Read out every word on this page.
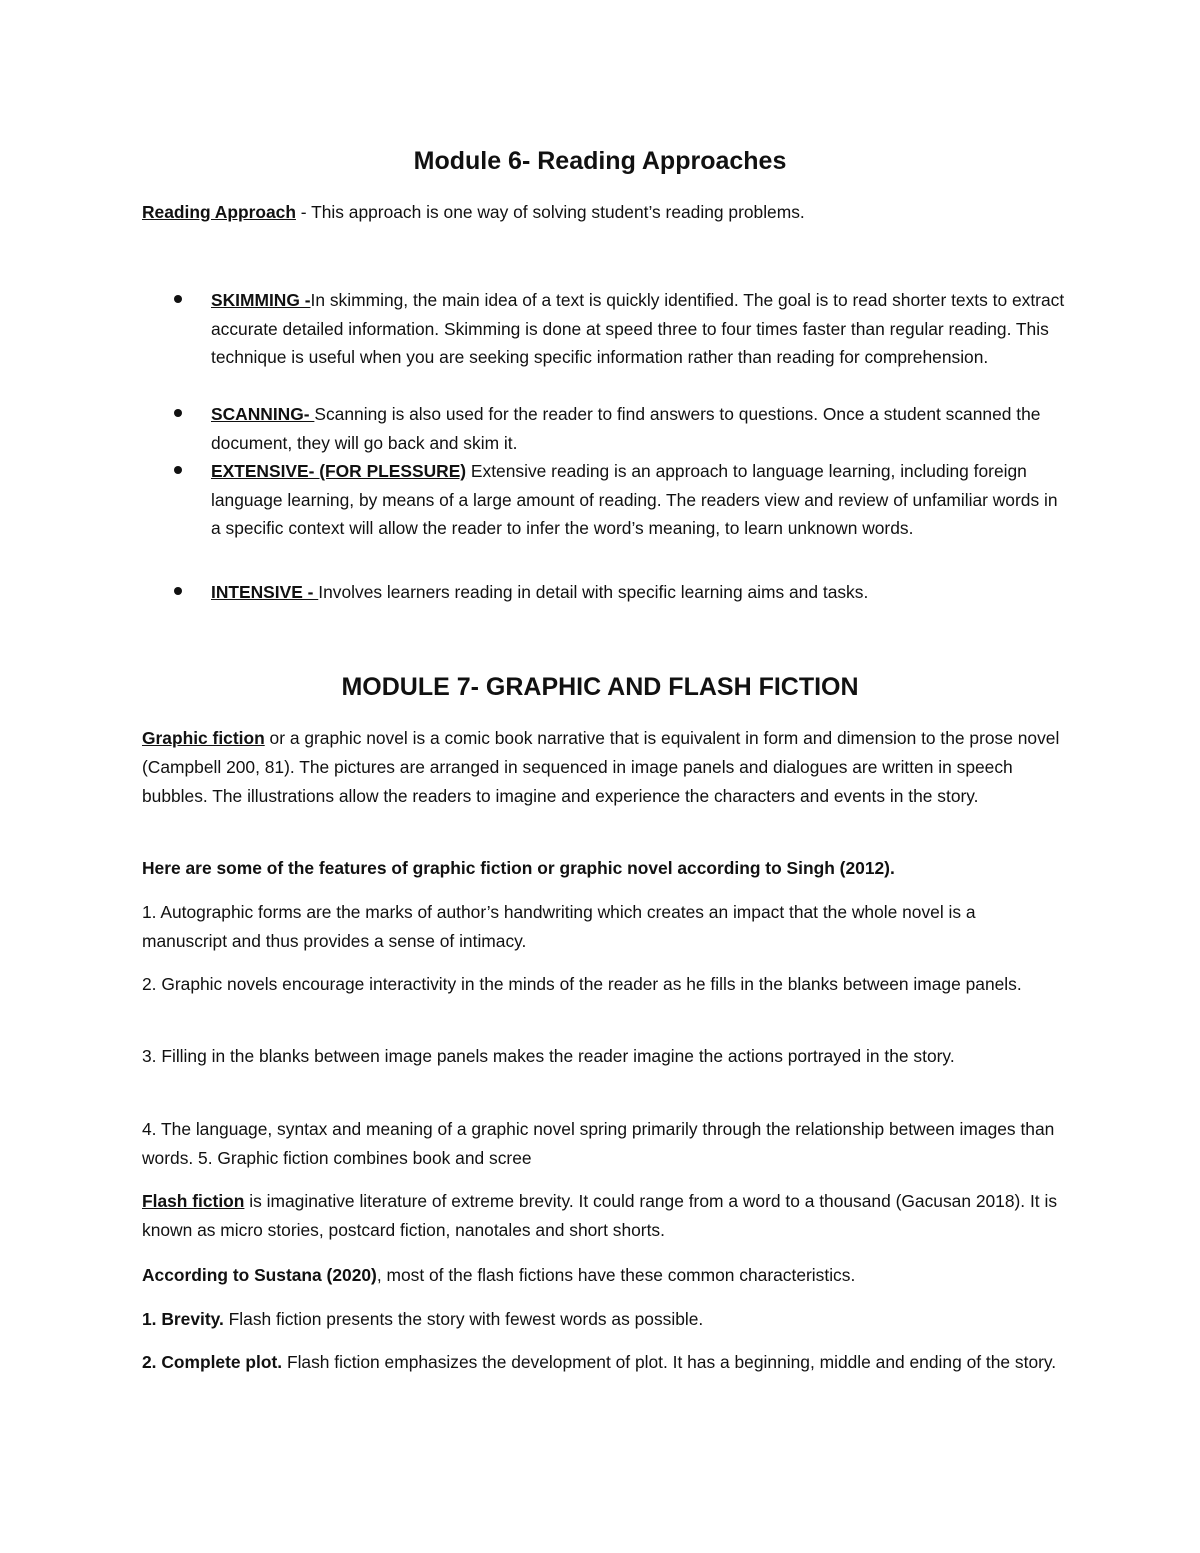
Module 6- Reading Approaches
Reading Approach - This approach is one way of solving student’s reading problems.
SKIMMING -In skimming, the main idea of a text is quickly identified. The goal is to read shorter texts to extract accurate detailed information. Skimming is done at speed three to four times faster than regular reading. This technique is useful when you are seeking specific information rather than reading for comprehension.
SCANNING- Scanning is also used for the reader to find answers to questions. Once a student scanned the document, they will go back and skim it.
EXTENSIVE- (FOR PLESSURE) Extensive reading is an approach to language learning, including foreign language learning, by means of a large amount of reading. The readers view and review of unfamiliar words in a specific context will allow the reader to infer the word’s meaning, to learn unknown words.
INTENSIVE - Involves learners reading in detail with specific learning aims and tasks.
MODULE 7- GRAPHIC AND FLASH FICTION
Graphic fiction or a graphic novel is a comic book narrative that is equivalent in form and dimension to the prose novel (Campbell 200, 81). The pictures are arranged in sequenced in image panels and dialogues are written in speech bubbles. The illustrations allow the readers to imagine and experience the characters and events in the story.
Here are some of the features of graphic fiction or graphic novel according to Singh (2012).
1. Autographic forms are the marks of author’s handwriting which creates an impact that the whole novel is a manuscript and thus provides a sense of intimacy.
2. Graphic novels encourage interactivity in the minds of the reader as he fills in the blanks between image panels.
3. Filling in the blanks between image panels makes the reader imagine the actions portrayed in the story.
4. The language, syntax and meaning of a graphic novel spring primarily through the relationship between images than words. 5. Graphic fiction combines book and scree
Flash fiction is imaginative literature of extreme brevity. It could range from a word to a thousand (Gacusan 2018). It is known as micro stories, postcard fiction, nanotales and short shorts.
According to Sustana (2020), most of the flash fictions have these common characteristics.
1. Brevity. Flash fiction presents the story with fewest words as possible.
2. Complete plot. Flash fiction emphasizes the development of plot. It has a beginning, middle and ending of the story.
